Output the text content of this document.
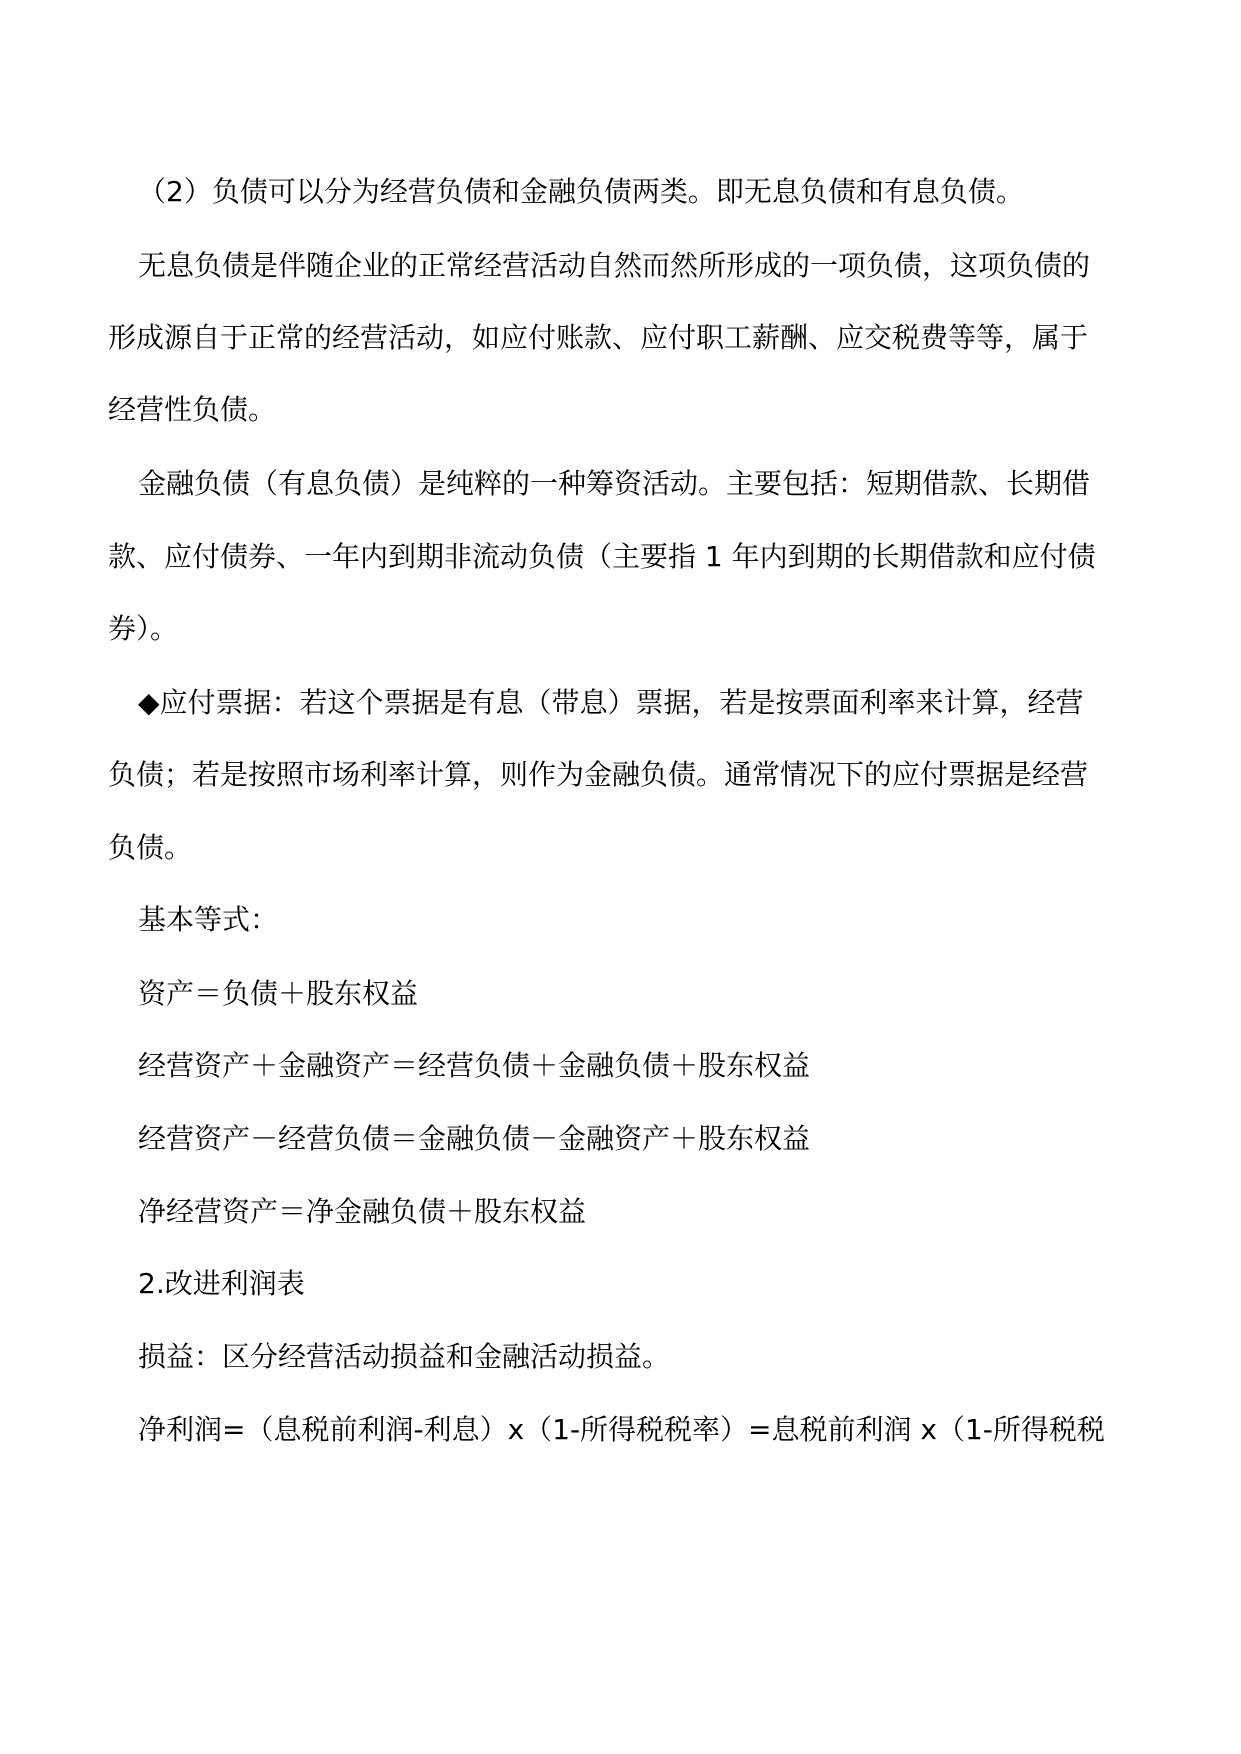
（2）负债可以分为经营负债和金融负债两类。即无息负债和有息负债。

无息负债是伴随企业的正常经营活动自然而然所形成的一项负债，这项负债的

形成源自于正常的经营活动，如应付账款、应付职工薪酬、应交税费等等，属于

经营性负债。

金融负债（有息负债）是纯粹的一种筹资活动。主要包括：短期借款、长期借

款、应付债券、一年内到期非流动负债（主要指 1 年内到期的长期借款和应付债

券）。

◆应付票据：若这个票据是有息（带息）票据，若是按票面利率来计算，经营

负债；若是按照市场利率计算，则作为金融负债。通常情况下的应付票据是经营

负债。

基本等式：

资产＝负债＋股东权益

经营资产＋金融资产＝经营负债＋金融负债＋股东权益

经营资产－经营负债＝金融负债－金融资产＋股东权益

净经营资产＝净金融负债＋股东权益

2.改进利润表

损益：区分经营活动损益和金融活动损益。

净利润=（息税前利润-利息）x（1-所得税税率）=息税前利润 x（1-所得税税
